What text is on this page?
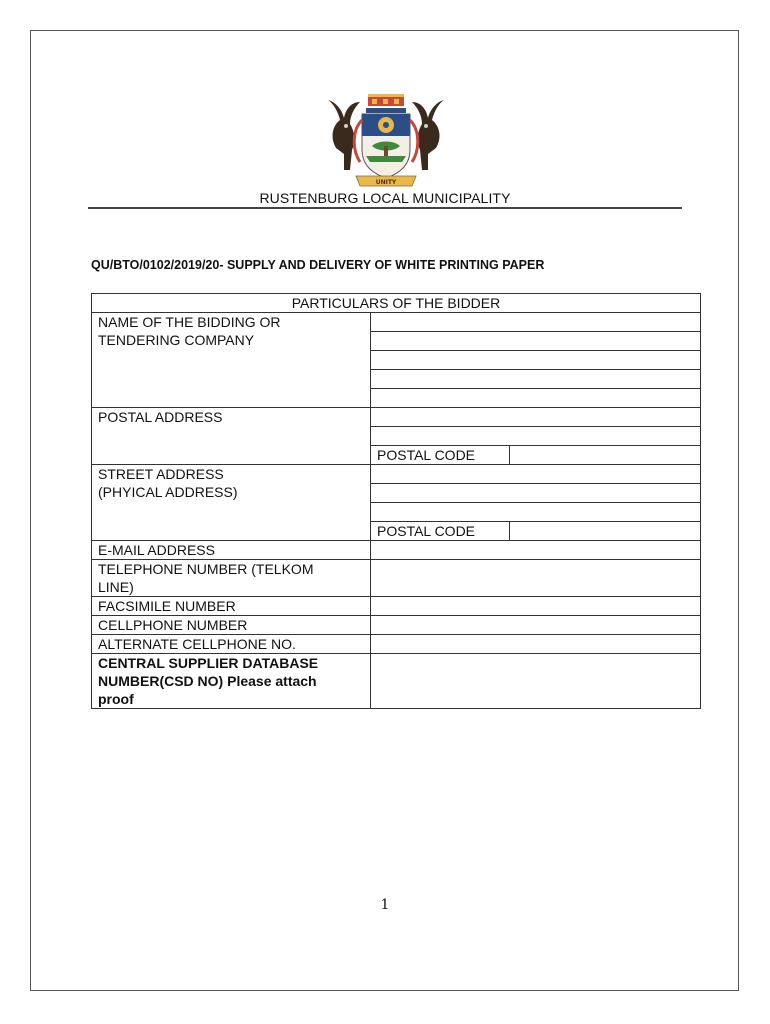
UNITY
RUSTENBURG LOCAL MUNICIPALITY
QU/BTO/0102/2019/20- SUPPLY AND DELIVERY OF WHITE PRINTING PAPER
PARTICULARS OF THE BIDDER		

NAME OF THE BIDDING OR
TENDERING COMPANY		

POSTAL ADDRESS		

	POSTAL CODE	

STREET ADDRESS
(PHYICAL ADDRESS)		

	POSTAL CODE	
E-MAIL ADDRESS		

TELEPHONE NUMBER (TELKOM
LINE)		

FACSIMILE NUMBER		
CELLPHONE NUMBER		
ALTERNATE CELLPHONE NO.		

CENTRAL SUPPLIER DATABASE
NUMBER(CSD NO) Please attach
proof		

1
